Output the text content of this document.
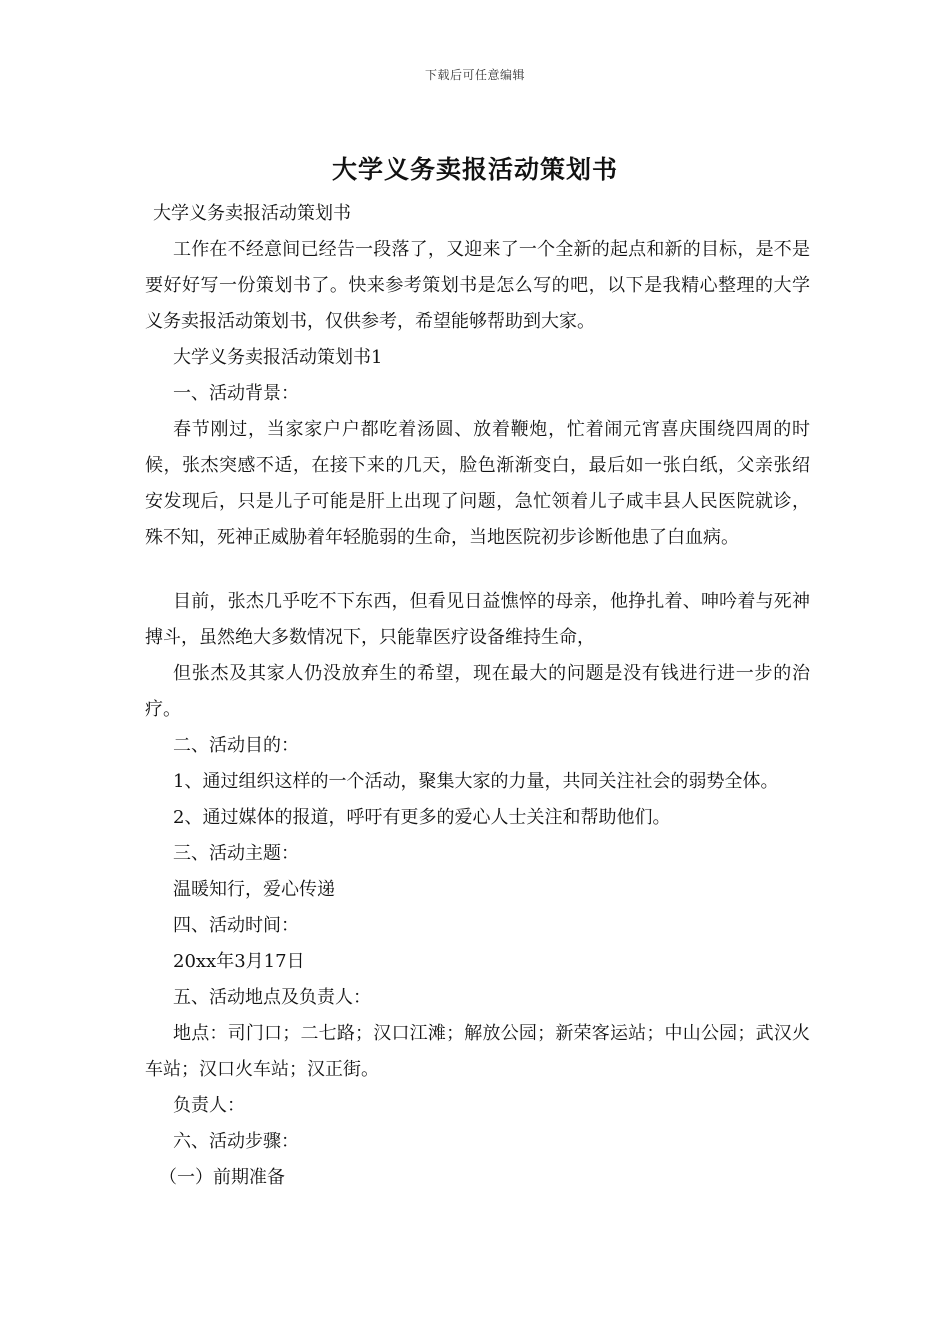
下载后可任意编辑
大学义务卖报活动策划书

大学义务卖报活动策划书

工作在不经意间已经告一段落了，又迎来了一个全新的起点和新的目标，是不是要好好写一份策划书了。快来参考策划书是怎么写的吧，以下是我精心整理的大学义务卖报活动策划书，仅供参考，希望能够帮助到大家。

大学义务卖报活动策划书1

一、活动背景：

春节刚过，当家家户户都吃着汤圆、放着鞭炮，忙着闹元宵喜庆围绕四周的时候，张杰突感不适，在接下来的几天，脸色渐渐变白，最后如一张白纸，父亲张绍安发现后，只是儿子可能是肝上出现了问题，急忙领着儿子咸丰县人民医院就诊，殊不知，死神正威胁着年轻脆弱的生命，当地医院初步诊断他患了白血病。

目前，张杰几乎吃不下东西，但看见日益憔悴的母亲，他挣扎着、呻吟着与死神搏斗，虽然绝大多数情况下，只能靠医疗设备维持生命，

但张杰及其家人仍没放弃生的希望，现在最大的问题是没有钱进行进一步的治疗。

二、活动目的：

1、通过组织这样的一个活动，聚集大家的力量，共同关注社会的弱势全体。

2、通过媒体的报道，呼吁有更多的爱心人士关注和帮助他们。

三、活动主题：

温暖知行，爱心传递

四、活动时间：

20xx年3月17日

五、活动地点及负责人：

地点：司门口；二七路；汉口江滩；解放公园；新荣客运站；中山公园；武汉火车站；汉口火车站；汉正街。

负责人：

六、活动步骤：

（一）前期准备
